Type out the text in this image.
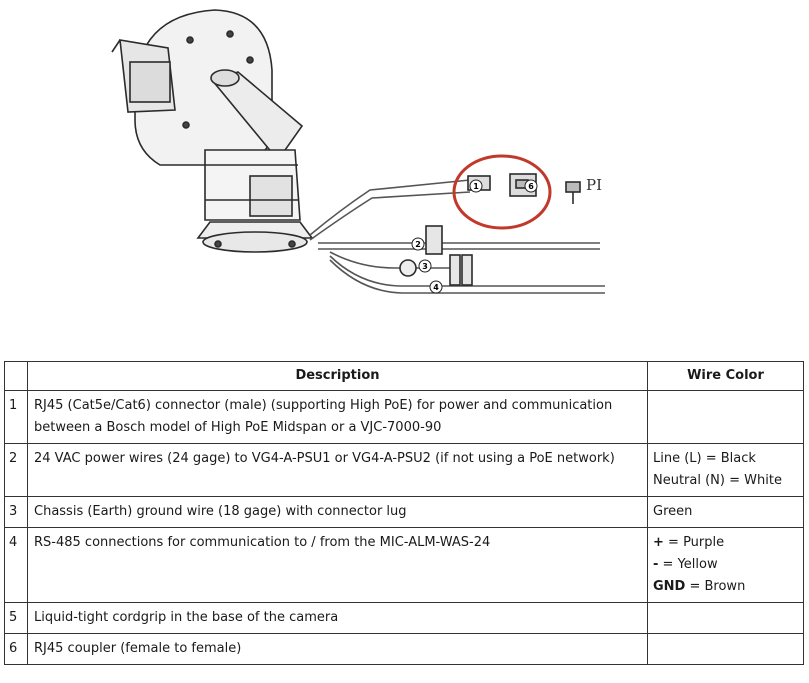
1	6
2
3
4
PI
	Description	Wire Color
1	RJ45 (Cat5e/Cat6) connector (male) (supporting High PoE) for power and communication between a Bosch model of High PoE Midspan or a VJC-7000-90	
2	24 VAC power wires (24 gage) to VG4-A-PSU1 or VG4-A-PSU2 (if not using a PoE network)	Line (L) = Black
Neutral (N) = White

3	Chassis (Earth) ground wire (18 gage) with connector lug	Green

4	RS-485 connections for communication to / from the MIC-ALM-WAS-24	+ = Purple
- = Yellow
GND = Brown

5	Liquid-tight cordgrip in the base of the camera	
6	RJ45 coupler (female to female)	
